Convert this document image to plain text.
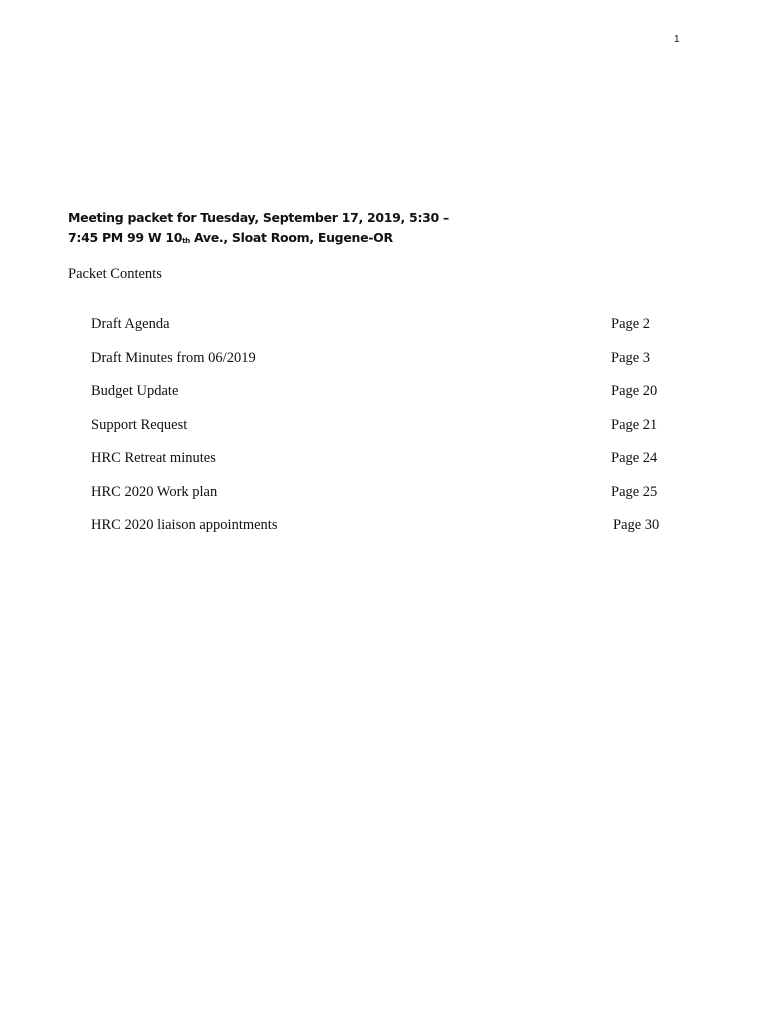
1
Meeting packet for Tuesday, September 17, 2019, 5:30 –
7:45 PM 99 W 10th Ave., Sloat Room, Eugene-OR
Packet Contents
Draft Agenda	Page 2
Draft Minutes from 06/2019	Page 3
Budget Update	Page 20
Support Request	Page 21
HRC Retreat minutes	Page 24
HRC 2020 Work plan	Page 25
HRC 2020 liaison appointments	Page 30
